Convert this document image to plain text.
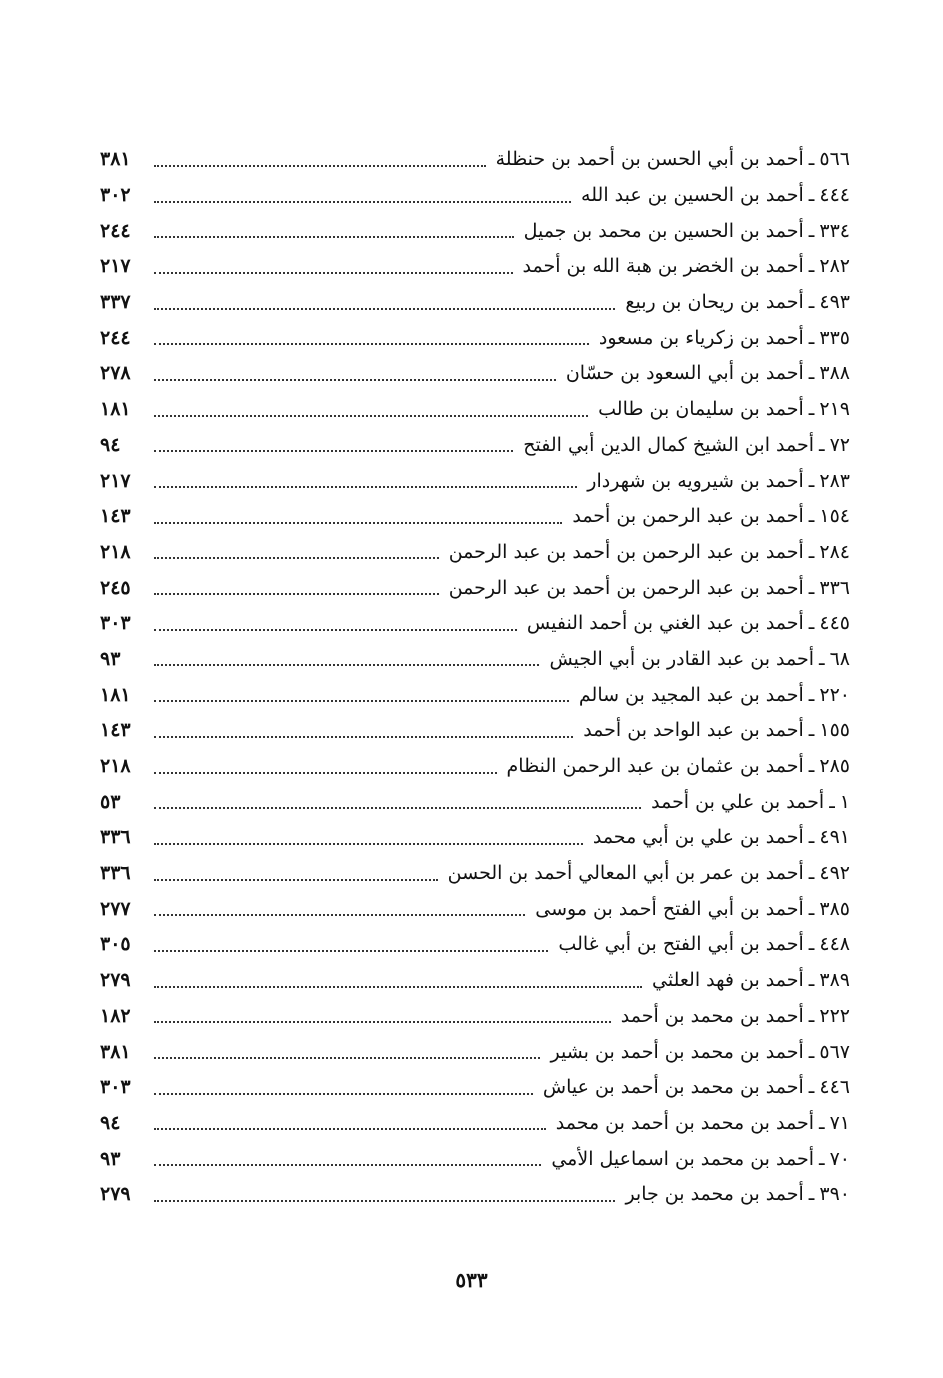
٥٦٦
ـ
أحمد بن أبي الحسن بن أحمد بن حنظلة
٣٨١
٤٤٤
ـ
أحمد بن الحسين بن عبد الله
٣٠٢
٣٣٤
ـ
أحمد بن الحسين بن محمد بن جميل
٢٤٤
٢٨٢
ـ
أحمد بن الخضر بن هبة الله بن أحمد
٢١٧
٤٩٣
ـ
أحمد بن ريحان بن ربيع
٣٣٧
٣٣٥
ـ
أحمد بن زكرياء بن مسعود
٢٤٤
٣٨٨
ـ
أحمد بن أبي السعود بن حسّان
٢٧٨
٢١٩
ـ
أحمد بن سليمان بن طالب
١٨١
٧٢
ـ
أحمد ابن الشيخ كمال الدين أبي الفتح
٩٤
٢٨٣
ـ
أحمد بن شيرويه بن شهردار
٢١٧
١٥٤
ـ
أحمد بن عبد الرحمن بن أحمد
١٤٣
٢٨٤
ـ
أحمد بن عبد الرحمن بن أحمد بن عبد الرحمن
٢١٨
٣٣٦
ـ
أحمد بن عبد الرحمن بن أحمد بن عبد الرحمن
٢٤٥
٤٤٥
ـ
أحمد بن عبد الغني بن أحمد النفيس
٣٠٣
٦٨
ـ
أحمد بن عبد القادر بن أبي الجيش
٩٣
٢٢٠
ـ
أحمد بن عبد المجيد بن سالم
١٨١
١٥٥
ـ
أحمد بن عبد الواحد بن أحمد
١٤٣
٢٨٥
ـ
أحمد بن عثمان بن عبد الرحمن النظام
٢١٨
١
ـ
أحمد بن علي بن أحمد
٥٣
٤٩١
ـ
أحمد بن علي بن أبي محمد
٣٣٦
٤٩٢
ـ
أحمد بن عمر بن أبي المعالي أحمد بن الحسن
٣٣٦
٣٨٥
ـ
أحمد بن أبي الفتح أحمد بن موسى
٢٧٧
٤٤٨
ـ
أحمد بن أبي الفتح بن أبي غالب
٣٠٥
٣٨٩
ـ
أحمد بن فهد العلثي
٢٧٩
٢٢٢
ـ
أحمد بن محمد بن أحمد
١٨٢
٥٦٧
ـ
أحمد بن محمد بن أحمد بن بشير
٣٨١
٤٤٦
ـ
أحمد بن محمد بن أحمد بن عياش
٣٠٣
٧١
ـ
أحمد بن محمد بن أحمد بن محمد
٩٤
٧٠
ـ
أحمد بن محمد بن اسماعيل الأمي
٩٣
٣٩٠
ـ
أحمد بن محمد بن جابر
٢٧٩
٥٣٣
